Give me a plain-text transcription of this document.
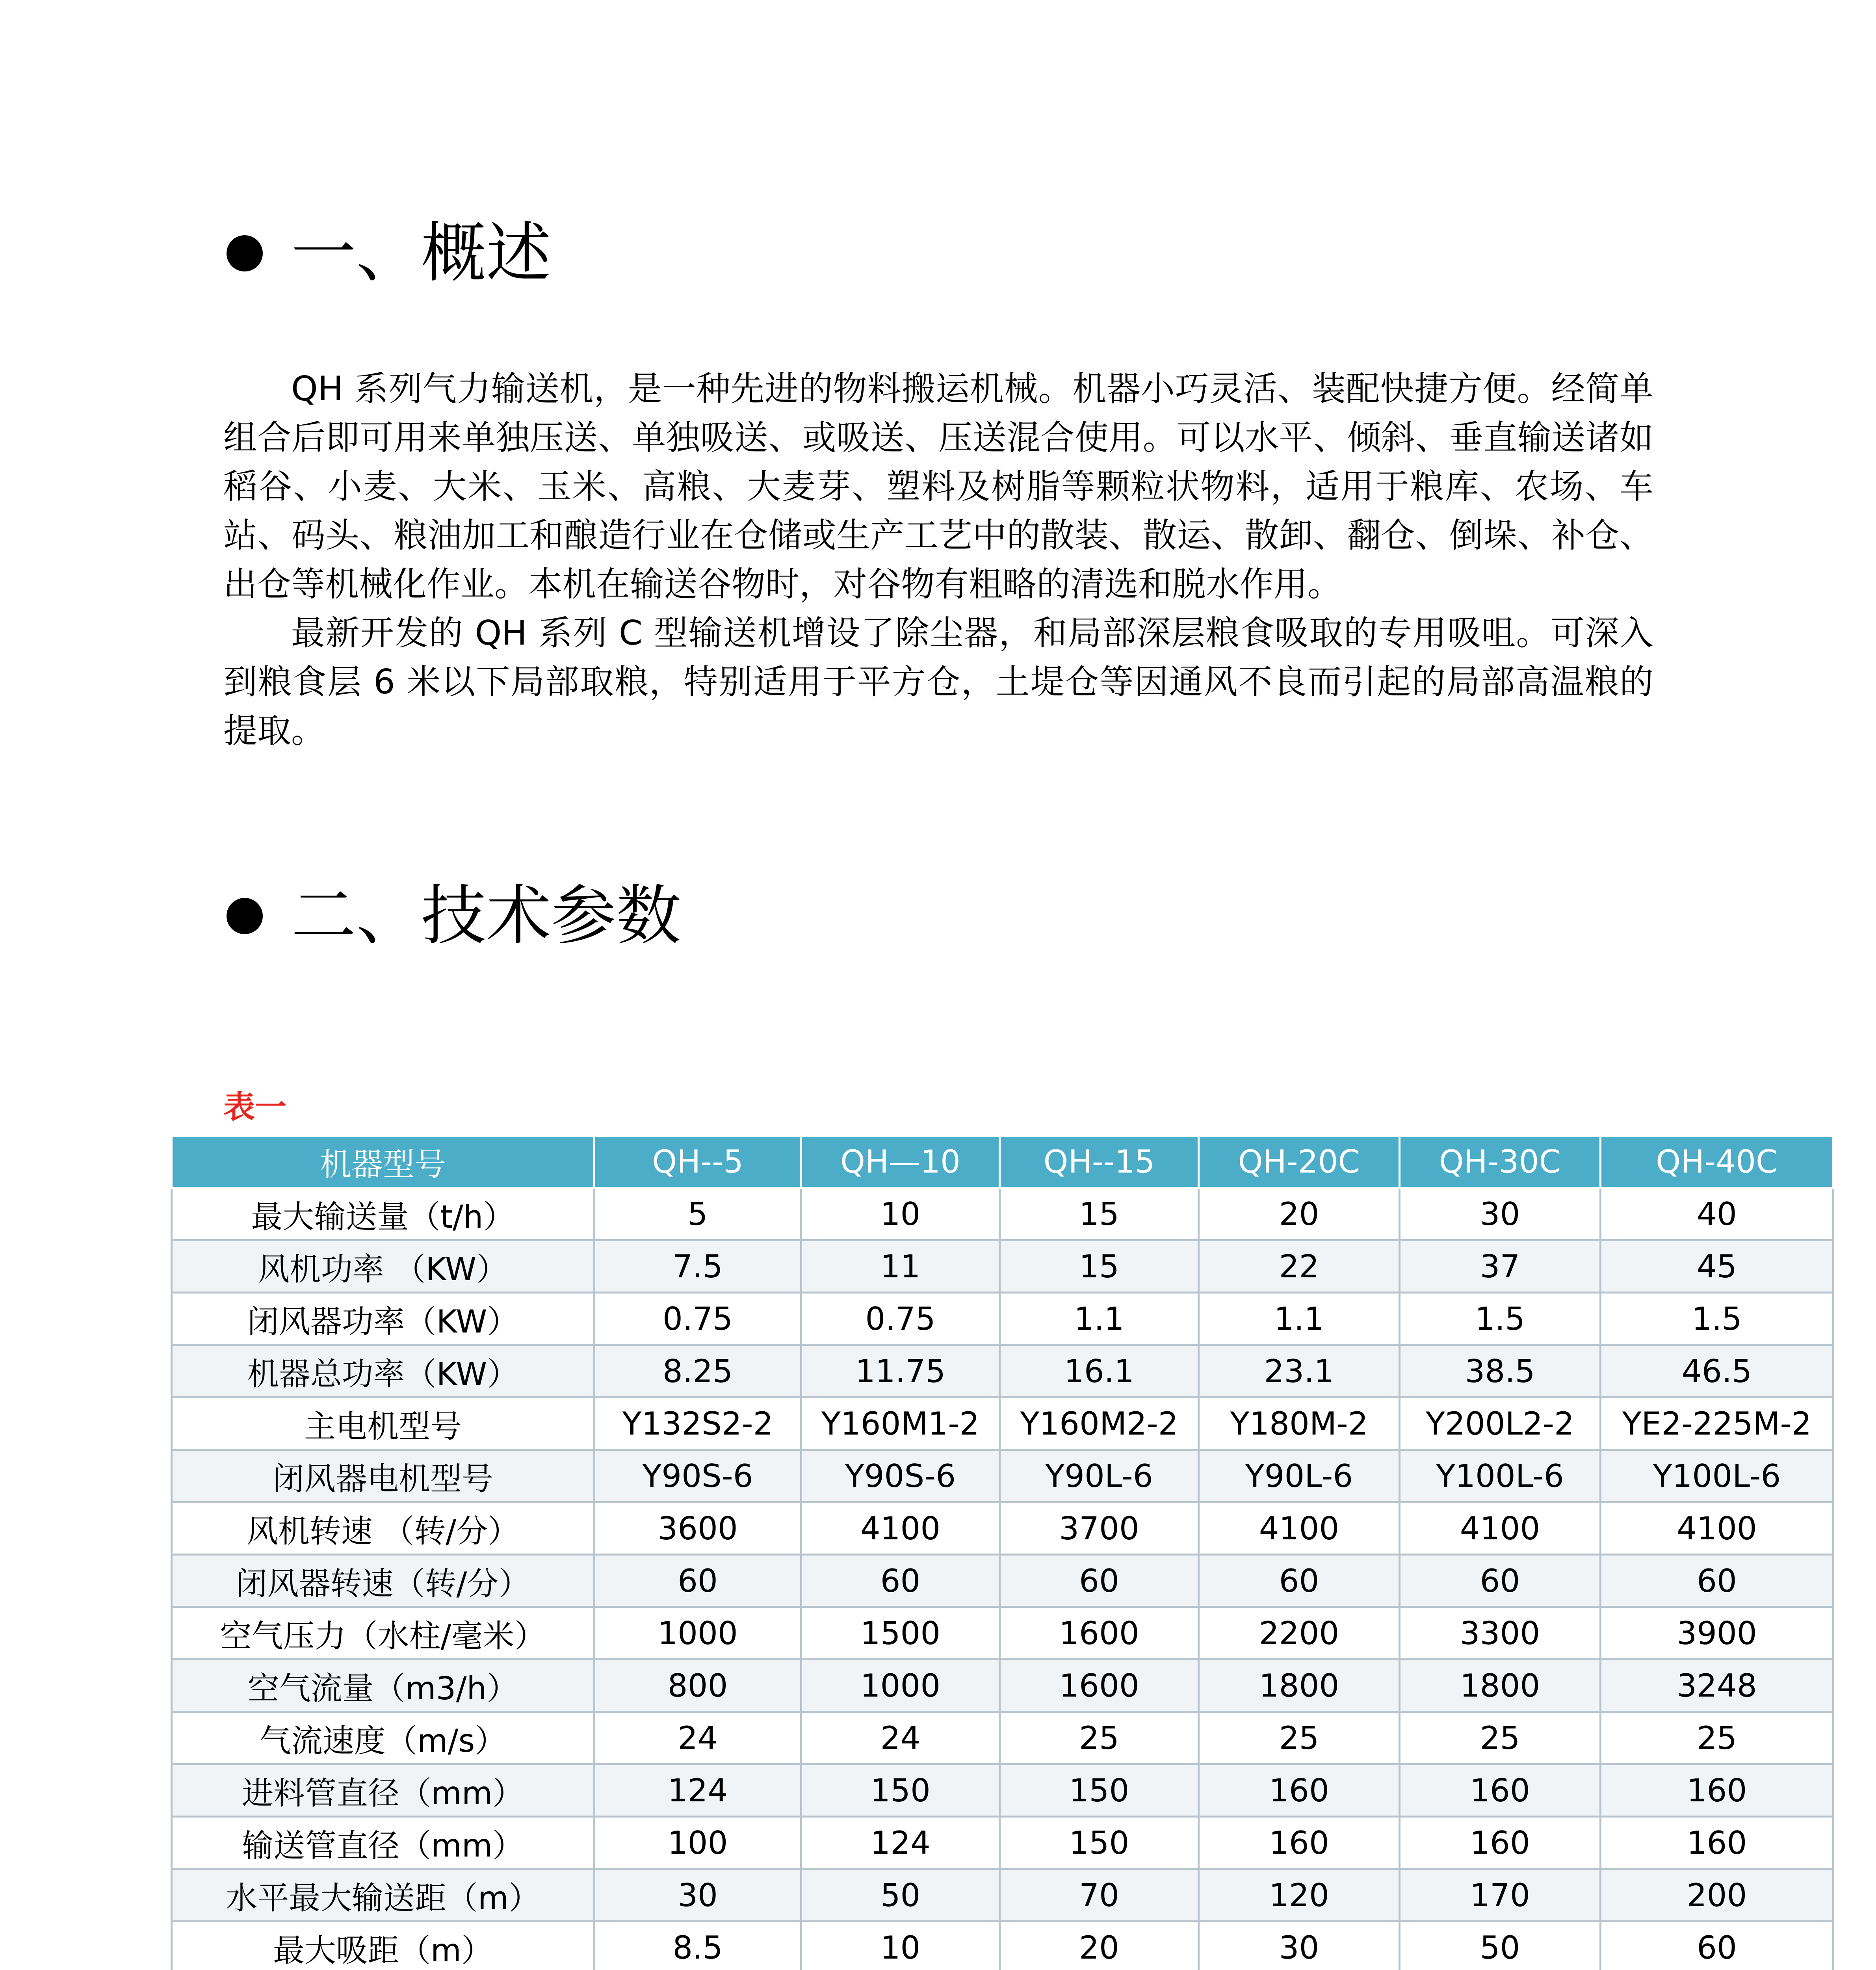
一、概述

QH 系列气力输送机，是一种先进的物料搬运机械。机器小巧灵活、装配快捷方便。经简单组合后即可用来单独压送、单独吸送、或吸送、压送混合使用。可以水平、倾斜、垂直输送诸如稻谷、小麦、大米、玉米、高粮、大麦芽、塑料及树脂等颗粒状物料，适用于粮库、农场、车站、码头、粮油加工和酿造行业在仓储或生产工艺中的散装、散运、散卸、翻仓、倒垛、补仓、出仓等机械化作业。本机在输送谷物时，对谷物有粗略的清选和脱水作用。

最新开发的 QH 系列 C 型输送机增设了除尘器，和局部深层粮食吸取的专用吸咀。可深入到粮食层 6 米以下局部取粮，特别适用于平方仓，土堤仓等因通风不良而引起的局部高温粮的提取。

二、技术参数
表一
机器型号	QH--5	QH—10	QH--15	QH-20C	QH-30C	QH-40C
最大输送量（t/h）	5	10	15	20	30	40
风机功率 （KW）	7.5	11	15	22	37	45
闭风器功率（KW）	0.75	0.75	1.1	1.1	1.5	1.5
机器总功率（KW）	8.25	11.75	16.1	23.1	38.5	46.5
主电机型号	Y132S2-2	Y160M1-2	Y160M2-2	Y180M-2	Y200L2-2	YE2-225M-2
闭风器电机型号	Y90S-6	Y90S-6	Y90L-6	Y90L-6	Y100L-6	Y100L-6
风机转速 （转/分）	3600	4100	3700	4100	4100	4100
闭风器转速（转/分）	60	60	60	60	60	60
空气压力（水柱/毫米）	1000	1500	1600	2200	3300	3900
空气流量（m3/h）	800	1000	1600	1800	1800	3248
气流速度（m/s）	24	24	25	25	25	25
进料管直径（mm）	124	150	150	160	160	160
输送管直径（mm）	100	124	150	160	160	160
水平最大输送距（m）	30	50	70	120	170	200
最大吸距（m）	8.5	10	20	30	50	60
